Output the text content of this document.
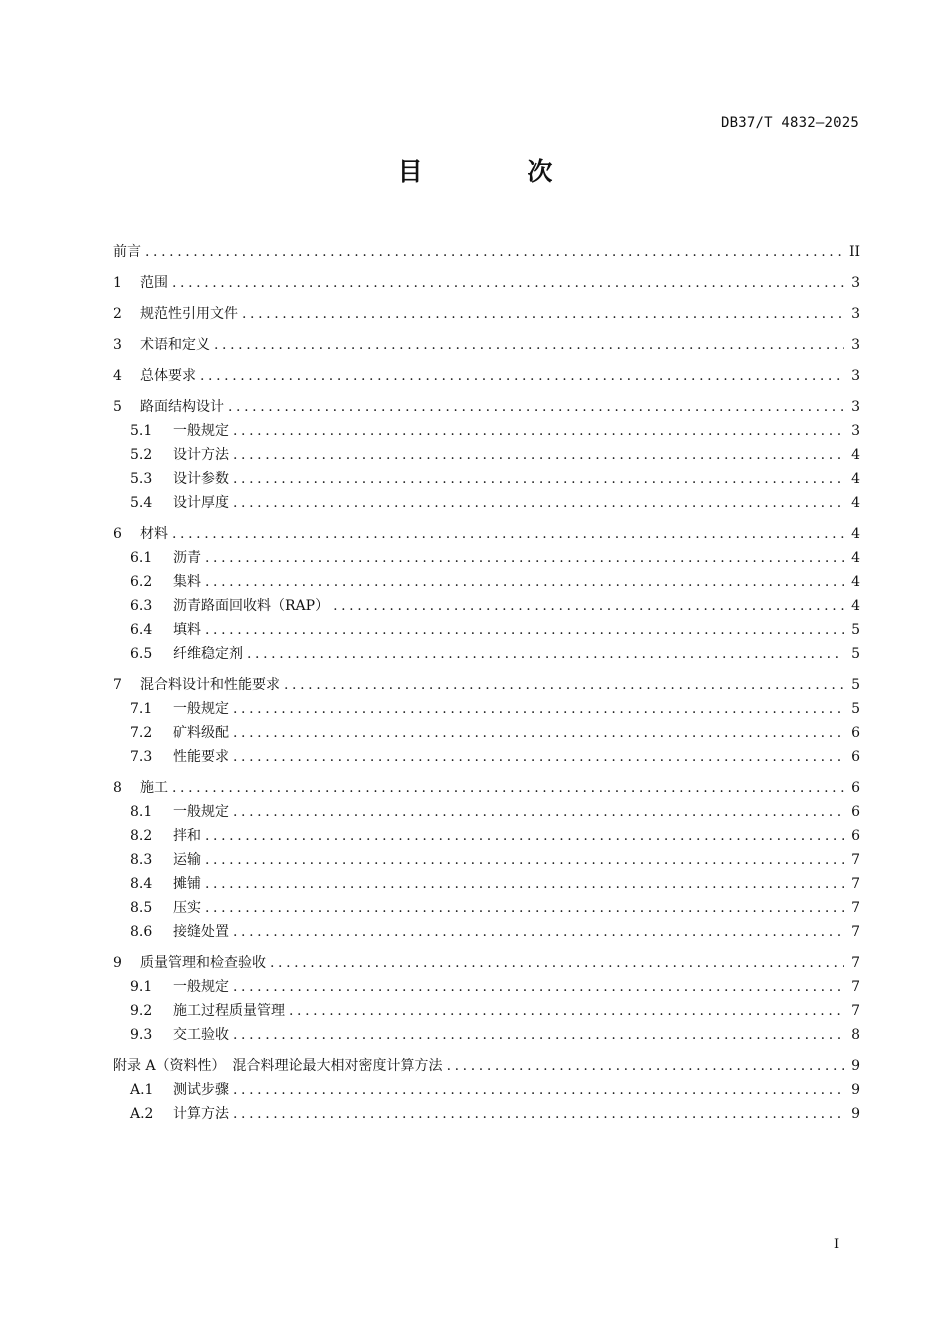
DB37/T 4832—2025
目 次
前言 .....	II
1	范围 .....	3
2	规范性引用文件 .....	3
3	术语和定义 .....	3
4	总体要求 .....	3
5	路面结构设计 .....	3
5.1	一般规定 .....	3
5.2	设计方法 .....	4
5.3	设计参数 .....	4
5.4	设计厚度 .....	4
6	材料 .....	4
6.1	沥青 .....	4
6.2	集料 .....	4
6.3	沥青路面回收料（RAP） .....	4
6.4	填料 .....	5
6.5	纤维稳定剂 .....	5
7	混合料设计和性能要求 .....	5
7.1	一般规定 .....	5
7.2	矿料级配 .....	6
7.3	性能要求 .....	6
8	施工 .....	6
8.1	一般规定 .....	6
8.2	拌和 .....	6
8.3	运输 .....	7
8.4	摊铺 .....	7
8.5	压实 .....	7
8.6	接缝处置 .....	7
9	质量管理和检查验收 .....	7
9.1	一般规定 .....	7
9.2	施工过程质量管理 .....	7
9.3	交工验收 .....	8
附录 A（资料性）　混合料理论最大相对密度计算方法 .....	9
A.1	测试步骤 .....	9
A.2	计算方法 .....	9
I
